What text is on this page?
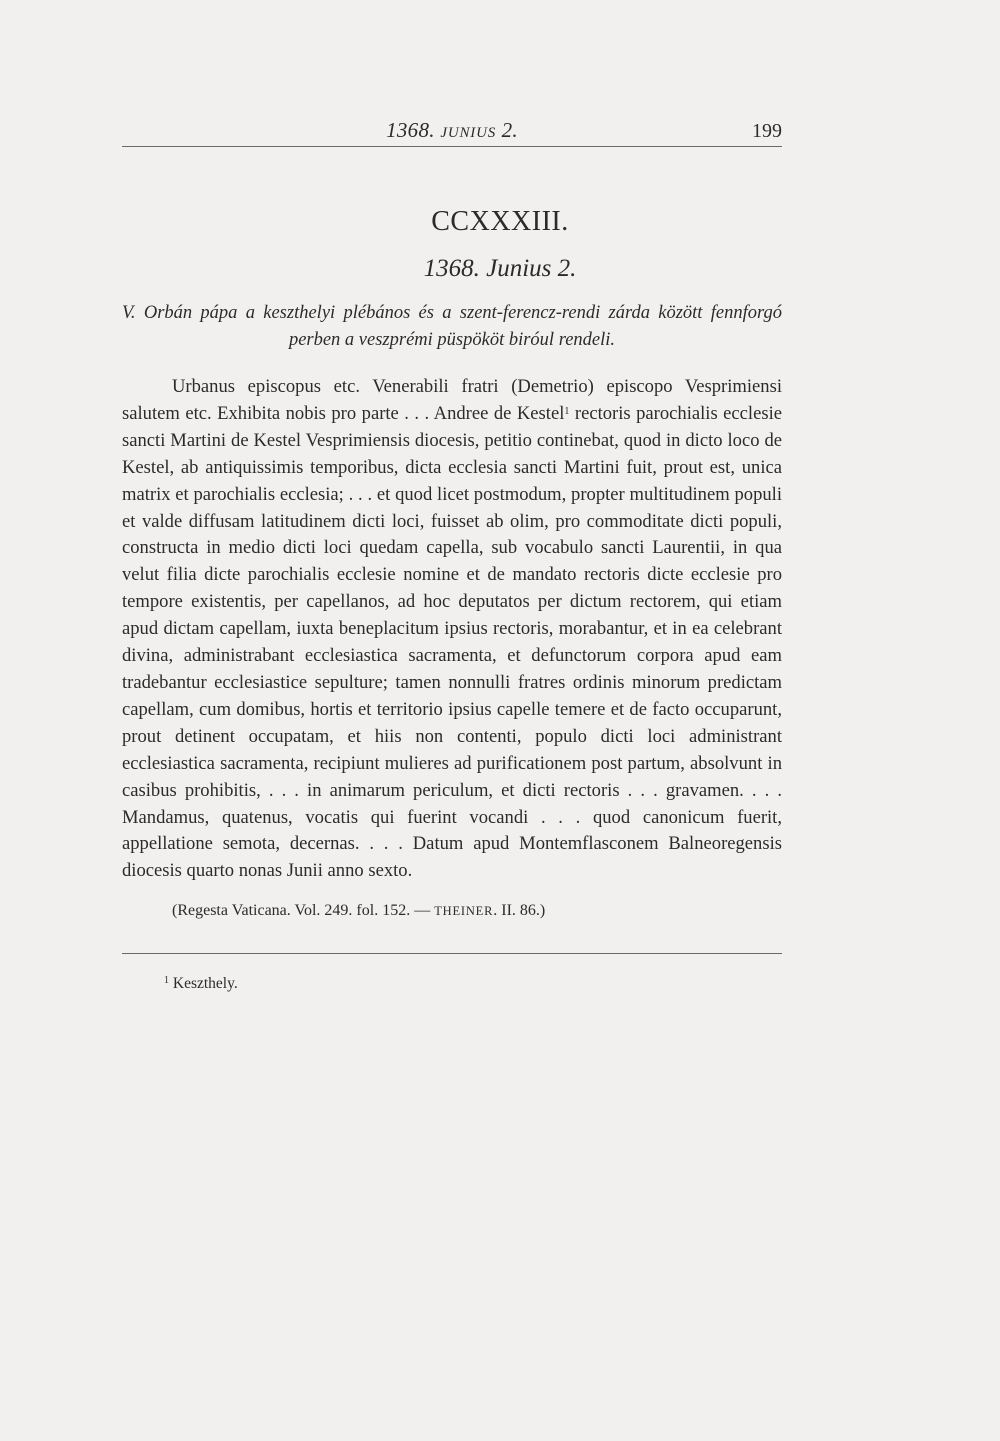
1368. JUNIUS 2.	199
CCXXXIII.
1368. Junius 2.
V. Orbán pápa a keszthelyi plébános és a szent-ferencz-rendi zárda között fennforgó perben a veszprémi püspököt biróul rendeli.

Urbanus episcopus etc. Venerabili fratri (Demetrio) episcopo Vesprimiensi salutem etc. Exhibita nobis pro parte . . . Andree de Kestel$^1$ rectoris parochialis ecclesie sancti Martini de Kestel Vesprimiensis diocesis, petitio continebat, quod in dicto loco de Kestel, ab antiquissimis temporibus, dicta ecclesia sancti Martini fuit, prout est, unica matrix et parochialis ecclesia; . . . et quod licet postmodum, propter multitudinem populi et valde diffusam latitudinem dicti loci, fuisset ab olim, pro commoditate dicti populi, constructa in medio dicti loci quedam capella, sub vocabulo sancti Laurentii, in qua velut filia dicte parochialis ecclesie nomine et de mandato rectoris dicte ecclesie pro tempore existentis, per capellanos, ad hoc deputatos per dictum rectorem, qui etiam apud dictam capellam, iuxta beneplacitum ipsius rectoris, morabantur, et in ea celebrant divina, administrabant ecclesiastica sacramenta, et defunctorum corpora apud eam tradebantur ecclesiastice sepulture; tamen nonnulli fratres ordinis minorum predictam capellam, cum domibus, hortis et territorio ipsius capelle temere et de facto occuparunt, prout detinent occupatam, et hiis non contenti, populo dicti loci administrant ecclesiastica sacramenta, recipiunt mulieres ad purificationem post partum, absolvunt in casibus prohibitis, . . . in animarum periculum, et dicti rectoris . . . gravamen. . . . Mandamus, quatenus, vocatis qui fuerint vocandi . . . quod canonicum fuerit, appellatione semota, decernas. . . . Datum apud Montemflasconem Balneoregensis diocesis quarto nonas Junii anno sexto.

(Regesta Vaticana. Vol. 249. fol. 152. — THEINER. II. 86.)
$^1$ Keszthely.
